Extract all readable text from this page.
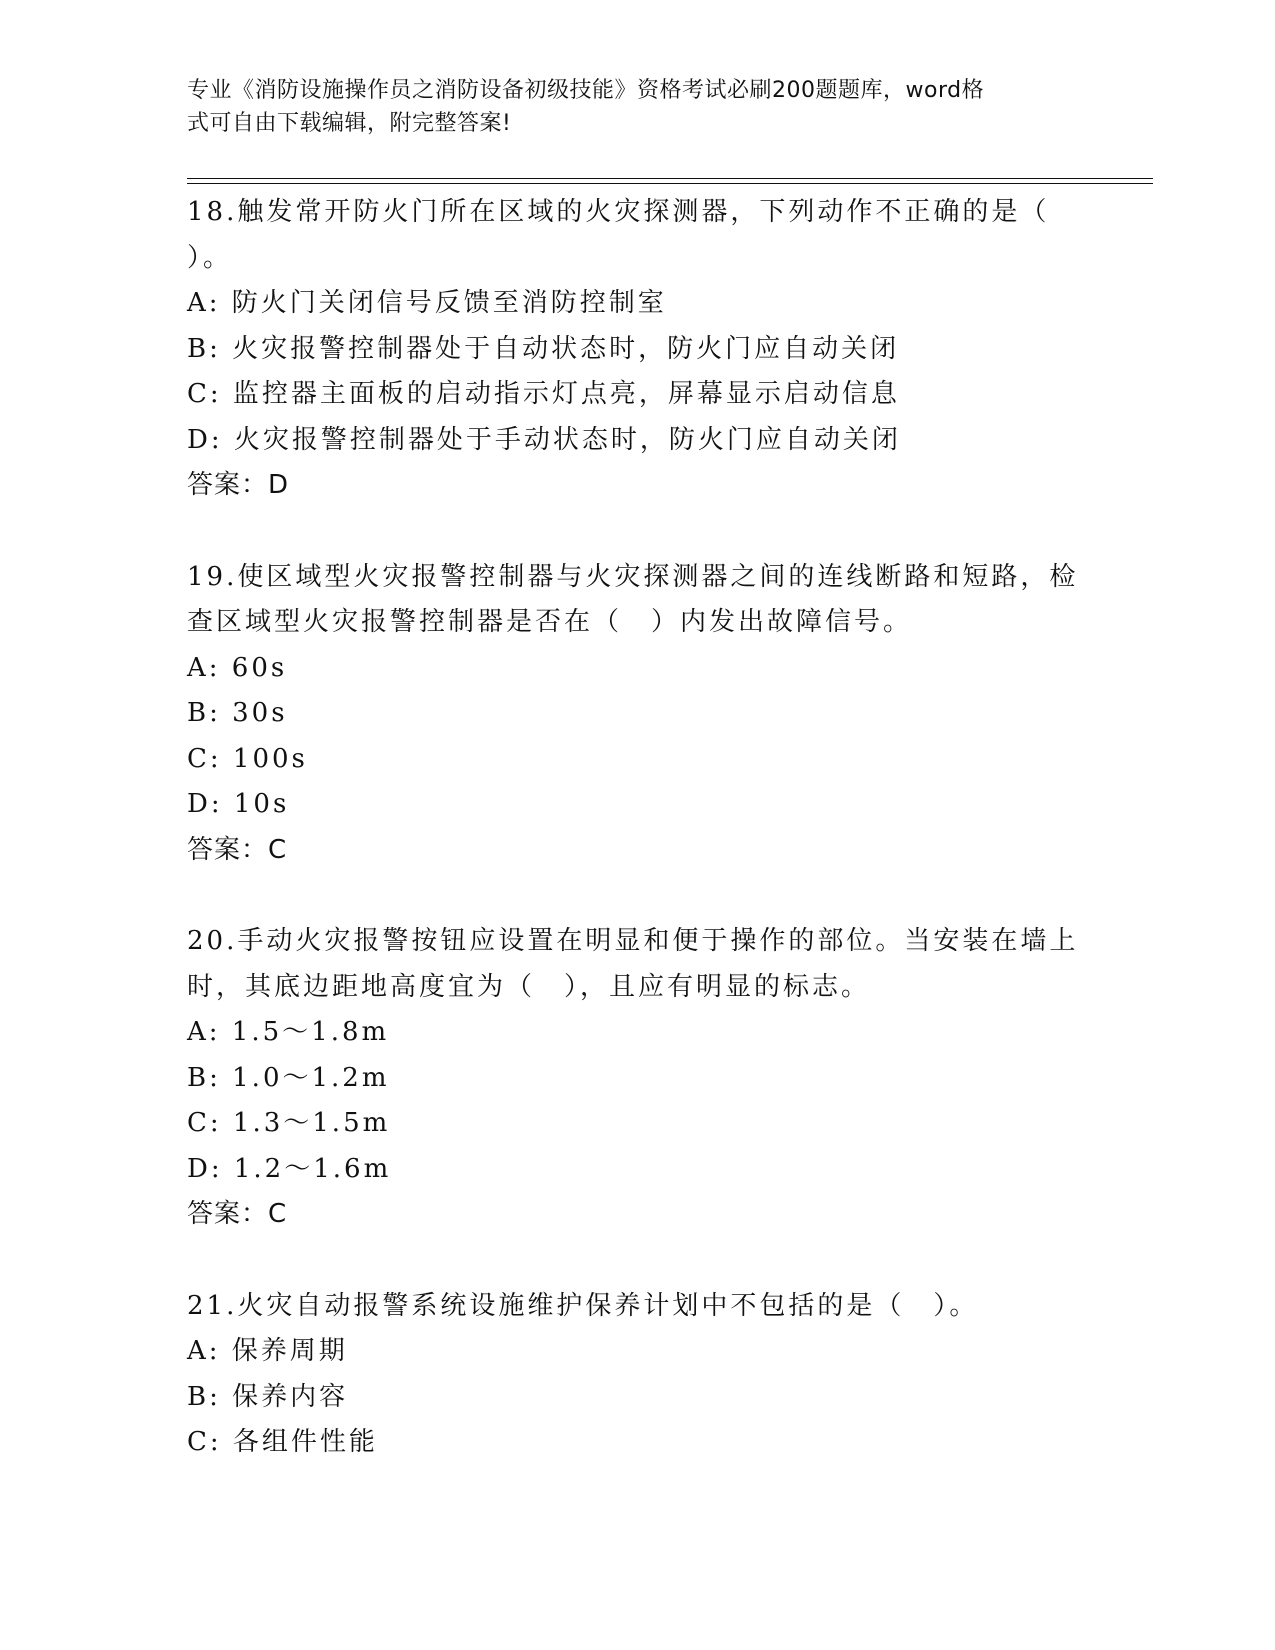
专业《消防设施操作员之消防设备初级技能》资格考试必刷200题题库，word格
式可自由下载编辑，附完整答案!
18.触发常开防火门所在区域的火灾探测器，下列动作不正确的是（
）。
A: 防火门关闭信号反馈至消防控制室
B: 火灾报警控制器处于自动状态时，防火门应自动关闭
C: 监控器主面板的启动指示灯点亮，屏幕显示启动信息
D: 火灾报警控制器处于手动状态时，防火门应自动关闭
答案：D
19.使区域型火灾报警控制器与火灾探测器之间的连线断路和短路，检
查区域型火灾报警控制器是否在（　）内发出故障信号。
A: 60s
B: 30s
C: 100s
D: 10s
答案：C
20.手动火灾报警按钮应设置在明显和便于操作的部位。当安装在墙上
时，其底边距地高度宜为（　），且应有明显的标志。
A: 1.5～1.8m
B: 1.0～1.2m
C: 1.3～1.5m
D: 1.2～1.6m
答案：C
21.火灾自动报警系统设施维护保养计划中不包括的是（　）。
A: 保养周期
B: 保养内容
C: 各组件性能
